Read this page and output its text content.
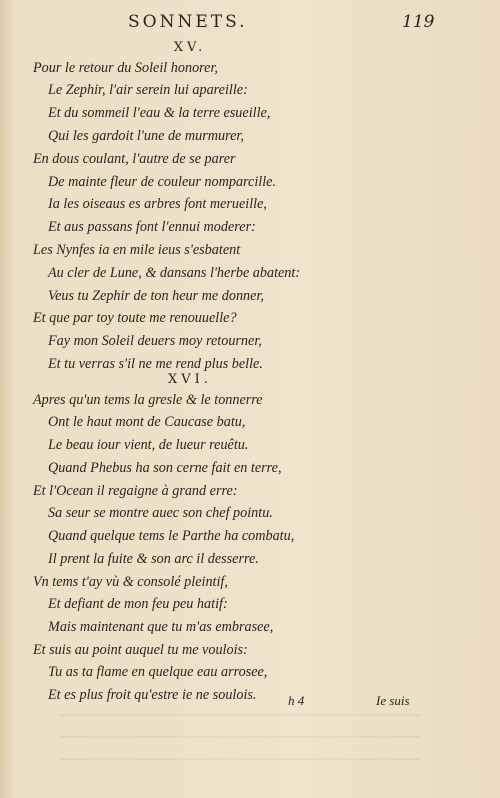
SONNETS.	119
XV.
Pour le retour du Soleil honorer,
Le Zephir, l'air serein lui apareille:
Et du sommeil l'eau & la terre esueille,
Qui les gardoit l'une de murmurer,
En dous coulant, l'autre de se parer
De mainte fleur de couleur nomparcille.
Ia les oiseaus es arbres font merueille,
Et aus passans font l'ennui moderer:
Les Nynfes ia en mile ieus s'esbatent
Au cler de Lune, & dansans l'herbe abatent:
Veus tu Zephir de ton heur me donner,
Et que par toy toute me renouuelle?
Fay mon Soleil deuers moy retourner,
Et tu verras s'il ne me rend plus belle.
XVI.
Apres qu'un tems la gresle & le tonnerre
Ont le haut mont de Caucase batu,
Le beau iour vient, de lueur reuêtu.
Quand Phebus ha son cerne fait en terre,
Et l'Ocean il regaigne à grand erre:
Sa seur se montre auec son chef pointu.
Quand quelque tems le Parthe ha combatu,
Il prent la fuite & son arc il desserre.
Vn tems t'ay vù & consolé pleintif,
Et defiant de mon feu peu hatif:
Mais maintenant que tu m'as embrasee,
Et suis au point auquel tu me voulois:
Tu as ta flame en quelque eau arrosee,
Et es plus froit qu'estre ie ne soulois. h 4	Ie suis
